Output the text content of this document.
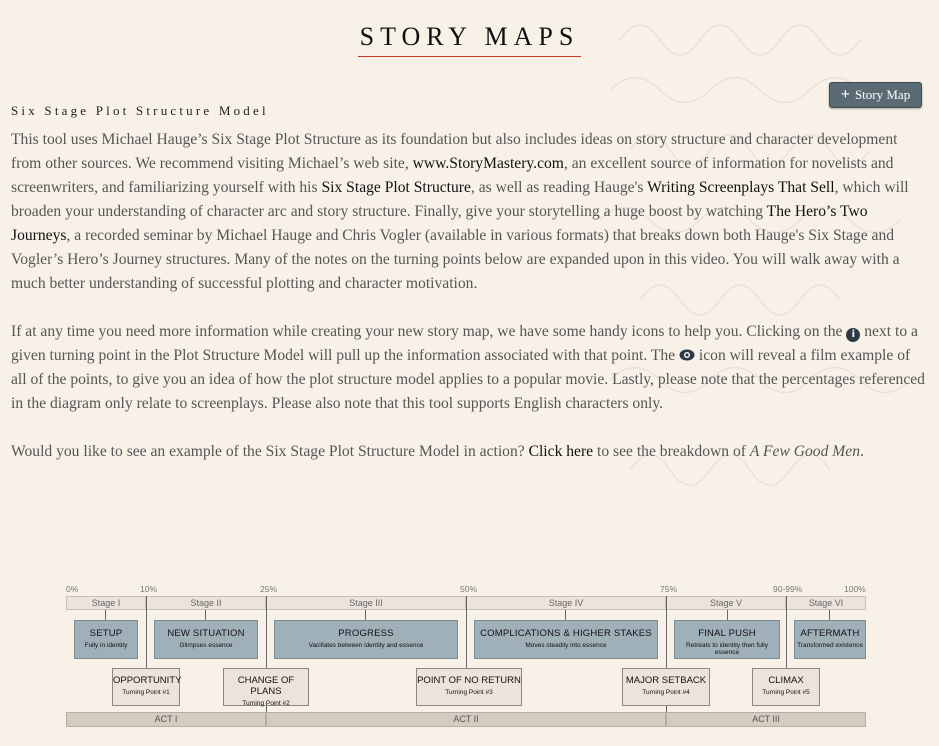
STORY MAPS
+ Story Map
Six Stage Plot Structure Model

This tool uses Michael Hauge’s Six Stage Plot Structure as its foundation but also includes ideas on story structure and character development from other sources. We recommend visiting Michael’s web site, www.StoryMastery.com, an excellent source of information for novelists and screenwriters, and familiarizing yourself with his Six Stage Plot Structure, as well as reading Hauge's Writing Screenplays That Sell, which will broaden your understanding of character arc and story structure. Finally, give your storytelling a huge boost by watching The Hero’s Two Journeys, a recorded seminar by Michael Hauge and Chris Vogler (available in various formats) that breaks down both Hauge's Six Stage and Vogler’s Hero’s Journey structures. Many of the notes on the turning points below are expanded upon in this video. You will walk away with a much better understanding of successful plotting and character motivation.

If at any time you need more information while creating your new story map, we have some handy icons to help you. Clicking on the i next to a given turning point in the Plot Structure Model will pull up the information associated with that point. The  icon will reveal a film example of all of the points, to give you an idea of how the plot structure model applies to a popular movie. Lastly, please note that the percentages referenced in the diagram only relate to screenplays. Please also note that this tool supports English characters only.

Would you like to see an example of the Six Stage Plot Structure Model in action? Click here to see the breakdown of A Few Good Men.

0%	10%	25%	50%	75%	90-99%	100%
Stage I	Stage II	Stage III	Stage IV	Stage V	Stage VI
SETUP
Fully in identity
NEW SITUATION
Glimpses essence
PROGRESS
Vacillates between identity and essence
COMPLICATIONS & HIGHER STAKES
Moves steadily into essence
FINAL PUSH
Retreats to identity then fully essence
AFTERMATH
Transformed existence
OPPORTUNITY
Turning Point #1
CHANGE OF PLANS
Turning Point #2
POINT OF NO RETURN
Turning Point #3
MAJOR SETBACK
Turning Point #4
CLIMAX
Turning Point #5
ACT I	ACT II	ACT III
